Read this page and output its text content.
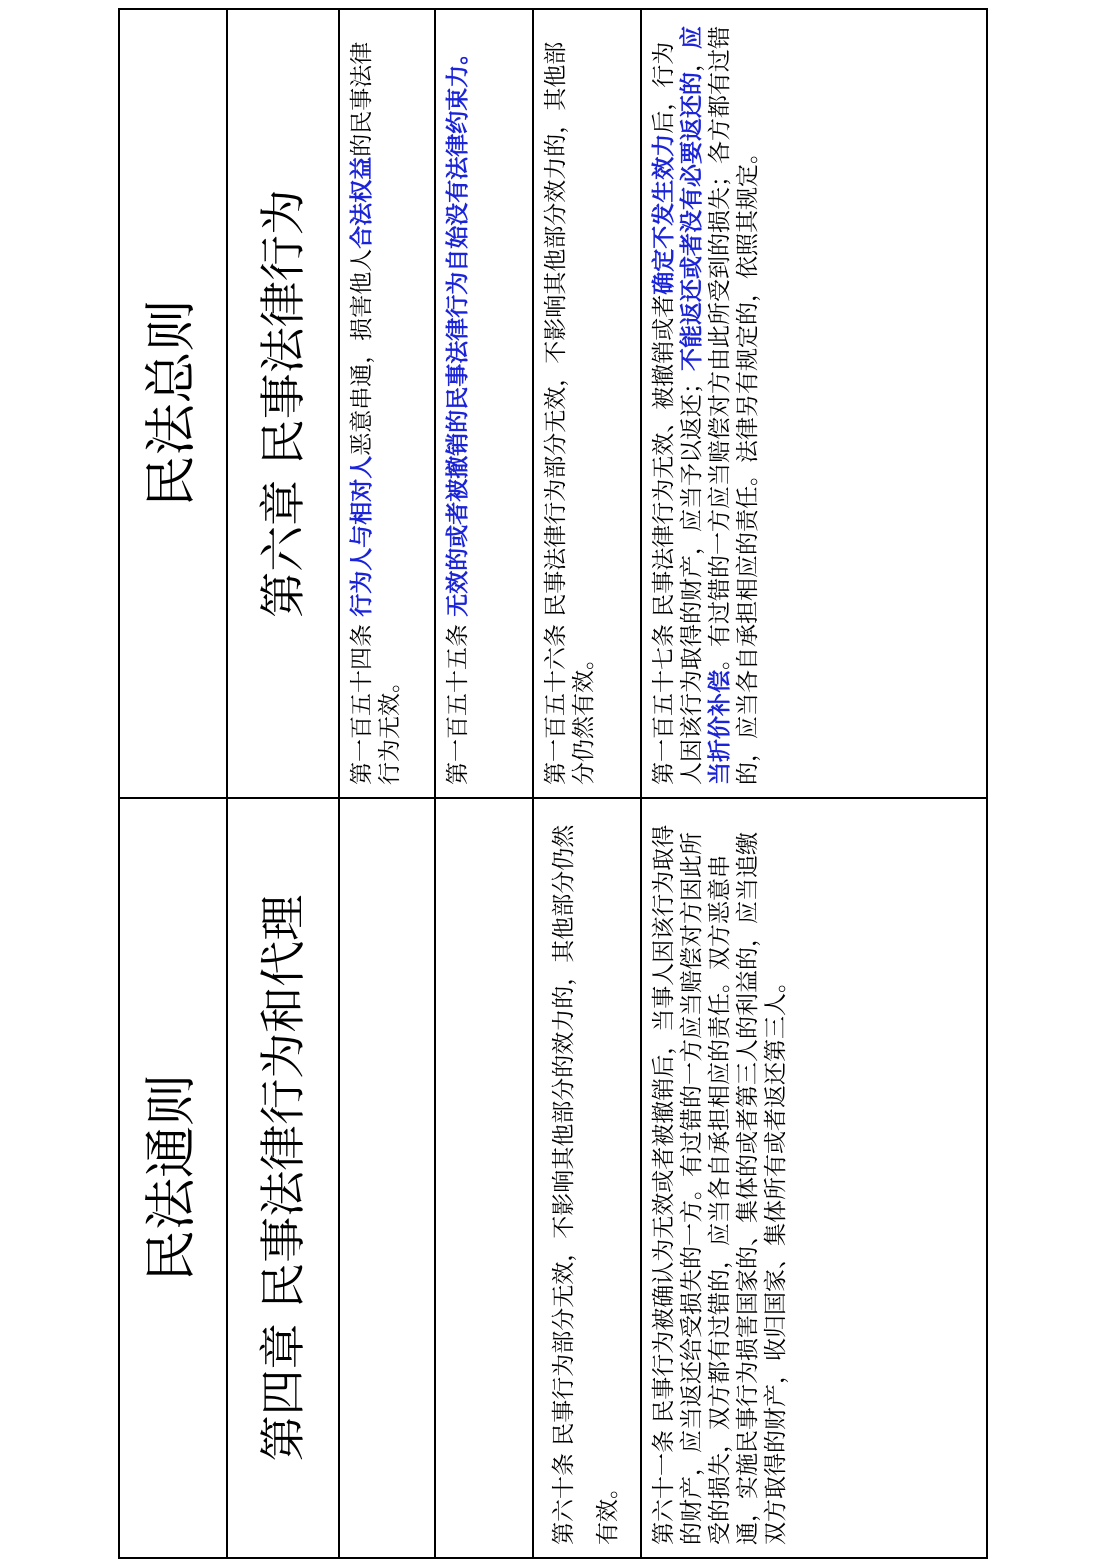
民法通则	民法总则
第四章 民事法律行为和代理	第六章 民事法律行为
	第一百五十四条 行为人与相对人恶意串通，损害他人合法权益的民事法律行为无效。
	第一百五十五条 无效的或者被撤销的民事法律行为自始没有法律约束力。
第六十条 民事行为部分无效，不影响其他部分的效力的，其他部分仍然有效。	第一百五十六条 民事法律行为部分无效，不影响其他部分效力的，其他部分仍然有效。
第六十一条 民事行为被确认为无效或者被撤销后，当事人因该行为取得的财产，应当返还给受损失的一方。有过错的一方应当赔偿对方因此所受的损失，双方都有过错的，应当各自承担相应的责任。双方恶意串通，实施民事行为损害国家的、集体的或者第三人的利益的，应当追缴双方取得的财产，收归国家、集体所有或者返还第三人。	第一百五十七条 民事法律行为无效、被撤销或者确定不发生效力后，行为人因该行为取得的财产，应当予以返还；不能返还或者没有必要返还的，应当折价补偿。有过错的一方应当赔偿对方由此所受到的损失；各方都有过错的，应当各自承担相应的责任。法律另有规定的，依照其规定。
